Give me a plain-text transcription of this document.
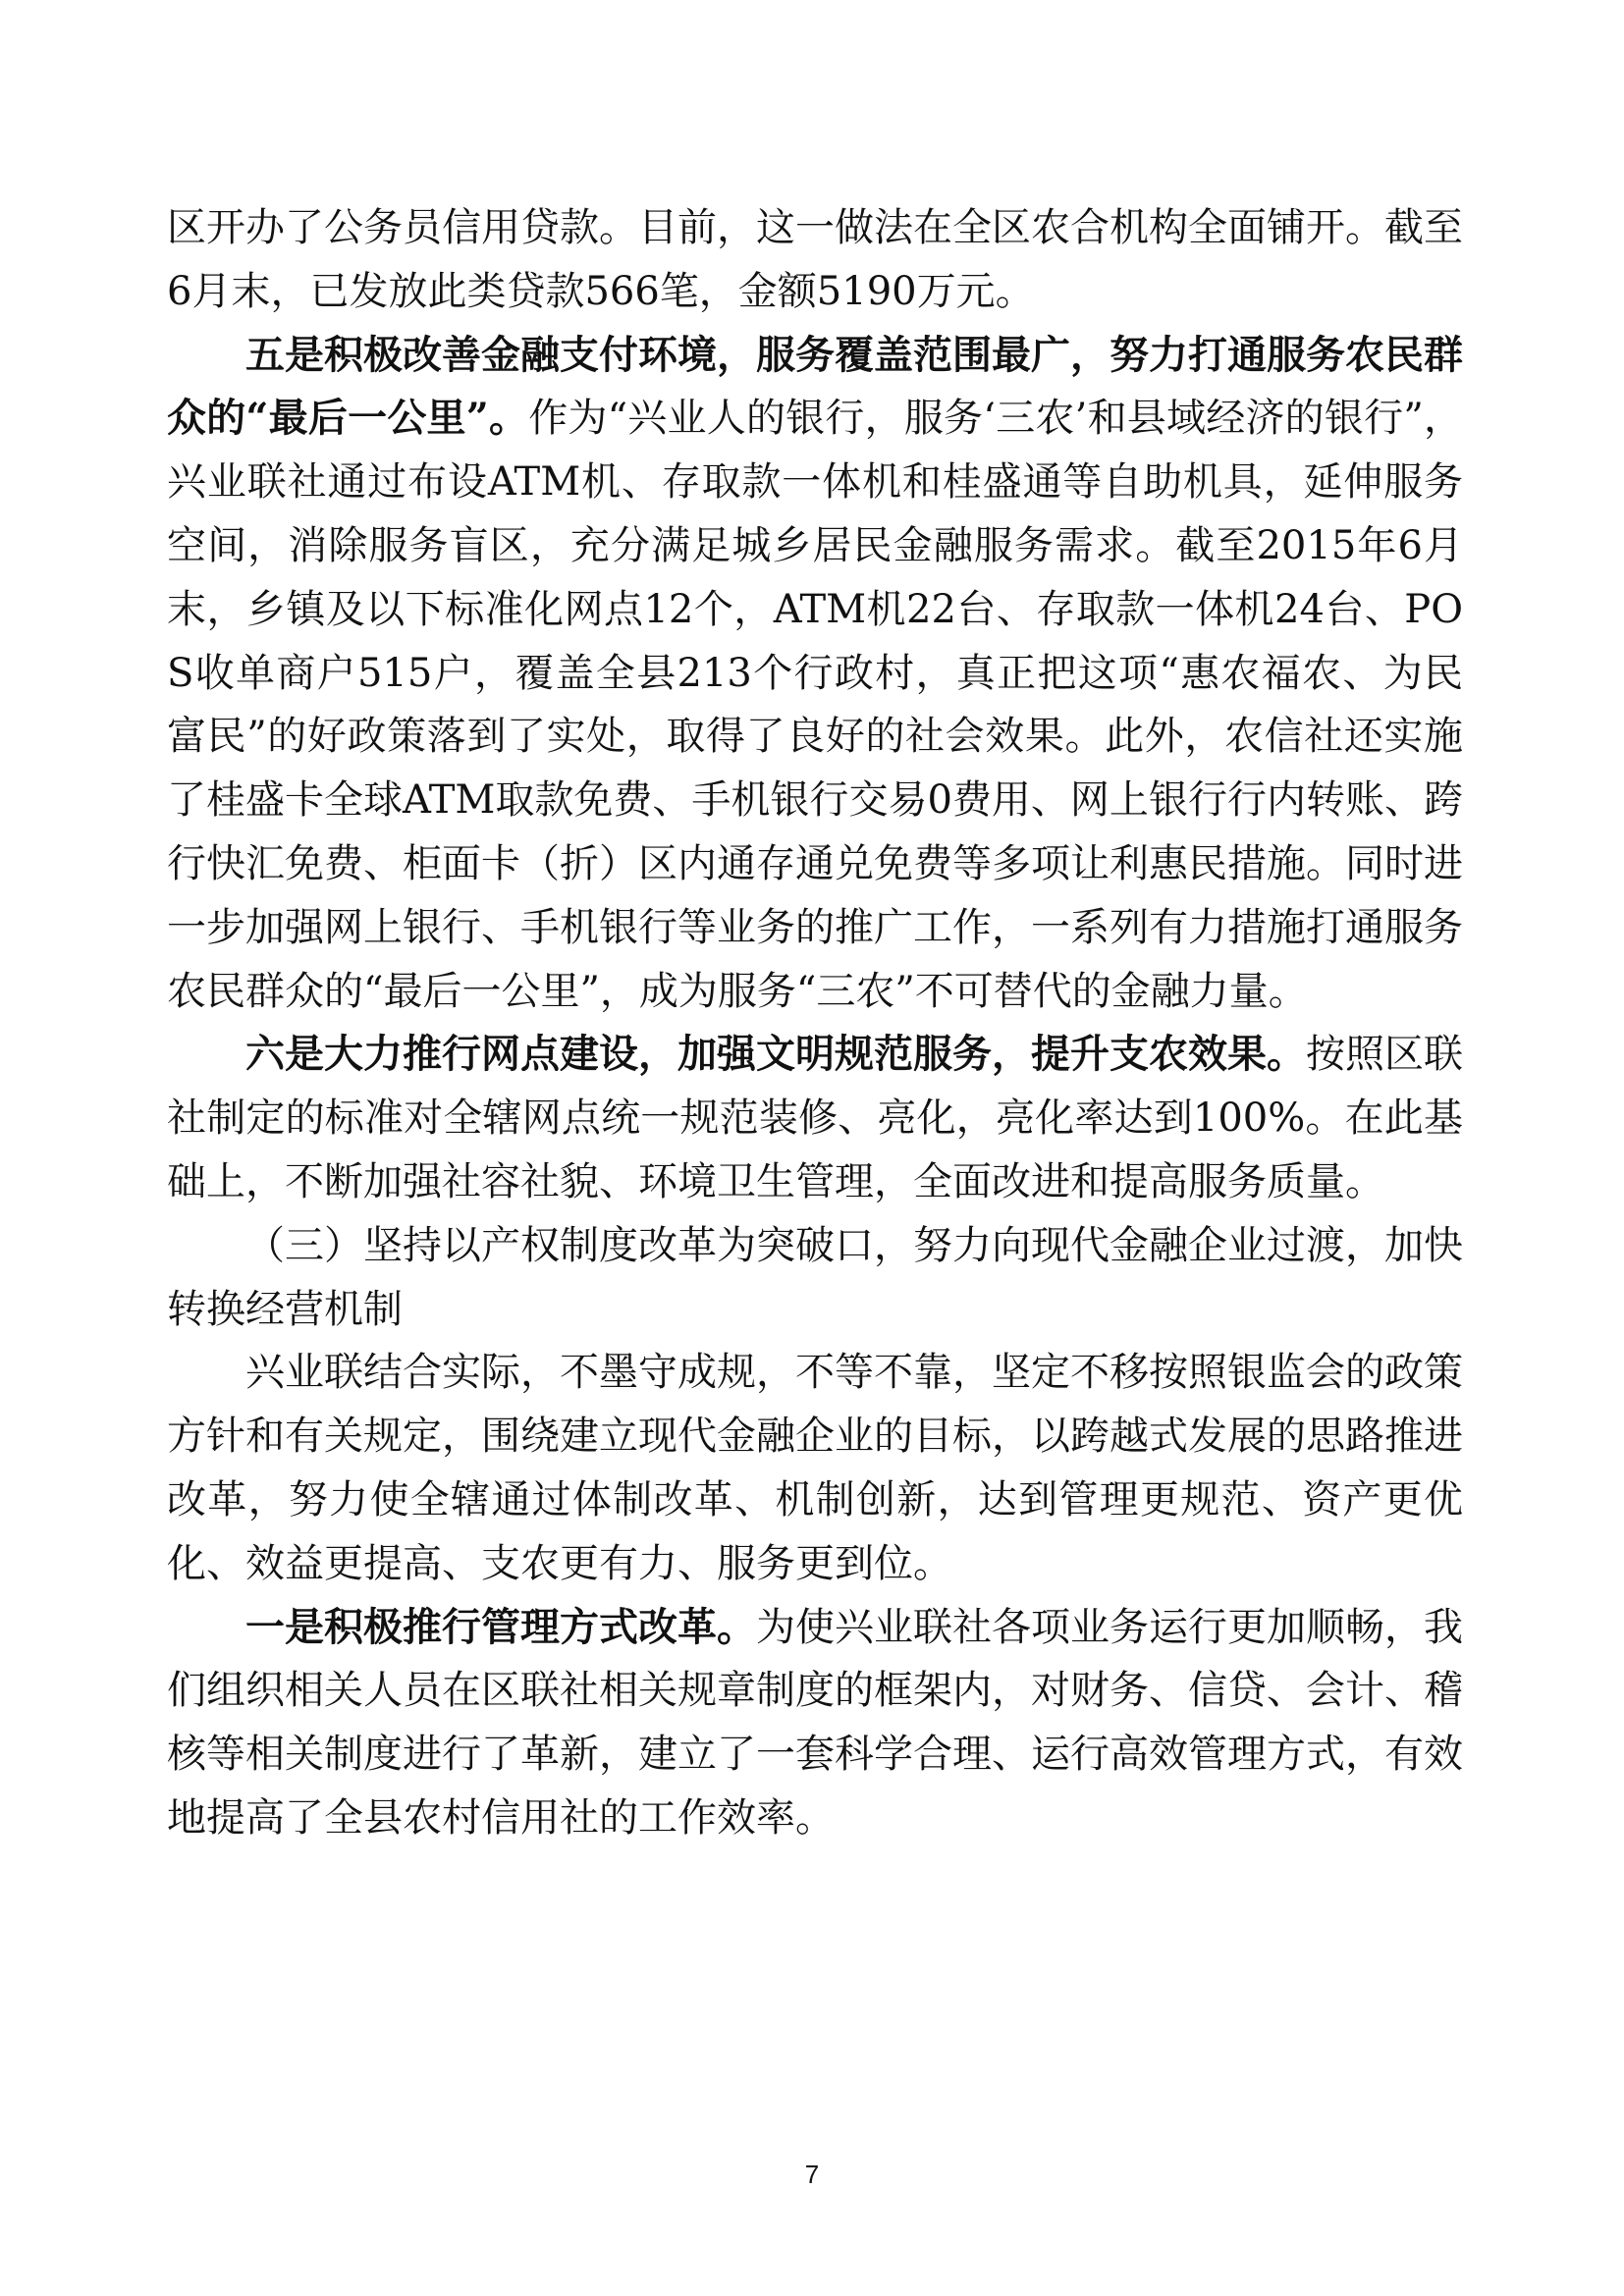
区开办了公务员信用贷款。目前，这一做法在全区农合机构全面铺开。截至6月末，已发放此类贷款566笔，金额5190万元。

五是积极改善金融支付环境，服务覆盖范围最广，努力打通服务农民群众的“最后一公里”。作为“兴业人的银行，服务‘三农’和县域经济的银行”，兴业联社通过布设ATM机、存取款一体机和桂盛通等自助机具，延伸服务空间，消除服务盲区，充分满足城乡居民金融服务需求。截至2015年6月末，乡镇及以下标准化网点12个，ATM机22台、存取款一体机24台、POS收单商户515户，覆盖全县213个行政村，真正把这项“惠农福农、为民富民”的好政策落到了实处，取得了良好的社会效果。此外，农信社还实施了桂盛卡全球ATM取款免费、手机银行交易0费用、网上银行行内转账、跨行快汇免费、柜面卡（折）区内通存通兑免费等多项让利惠民措施。同时进一步加强网上银行、手机银行等业务的推广工作，一系列有力措施打通服务农民群众的“最后一公里”，成为服务“三农”不可替代的金融力量。

六是大力推行网点建设，加强文明规范服务，提升支农效果。按照区联社制定的标准对全辖网点统一规范装修、亮化，亮化率达到100%。在此基础上，不断加强社容社貌、环境卫生管理，全面改进和提高服务质量。

（三）坚持以产权制度改革为突破口，努力向现代金融企业过渡，加快转换经营机制

兴业联结合实际，不墨守成规，不等不靠，坚定不移按照银监会的政策方针和有关规定，围绕建立现代金融企业的目标，以跨越式发展的思路推进改革，努力使全辖通过体制改革、机制创新，达到管理更规范、资产更优化、效益更提高、支农更有力、服务更到位。

一是积极推行管理方式改革。为使兴业联社各项业务运行更加顺畅，我们组织相关人员在区联社相关规章制度的框架内，对财务、信贷、会计、稽核等相关制度进行了革新，建立了一套科学合理、运行高效管理方式，有效地提高了全县农村信用社的工作效率。

7
